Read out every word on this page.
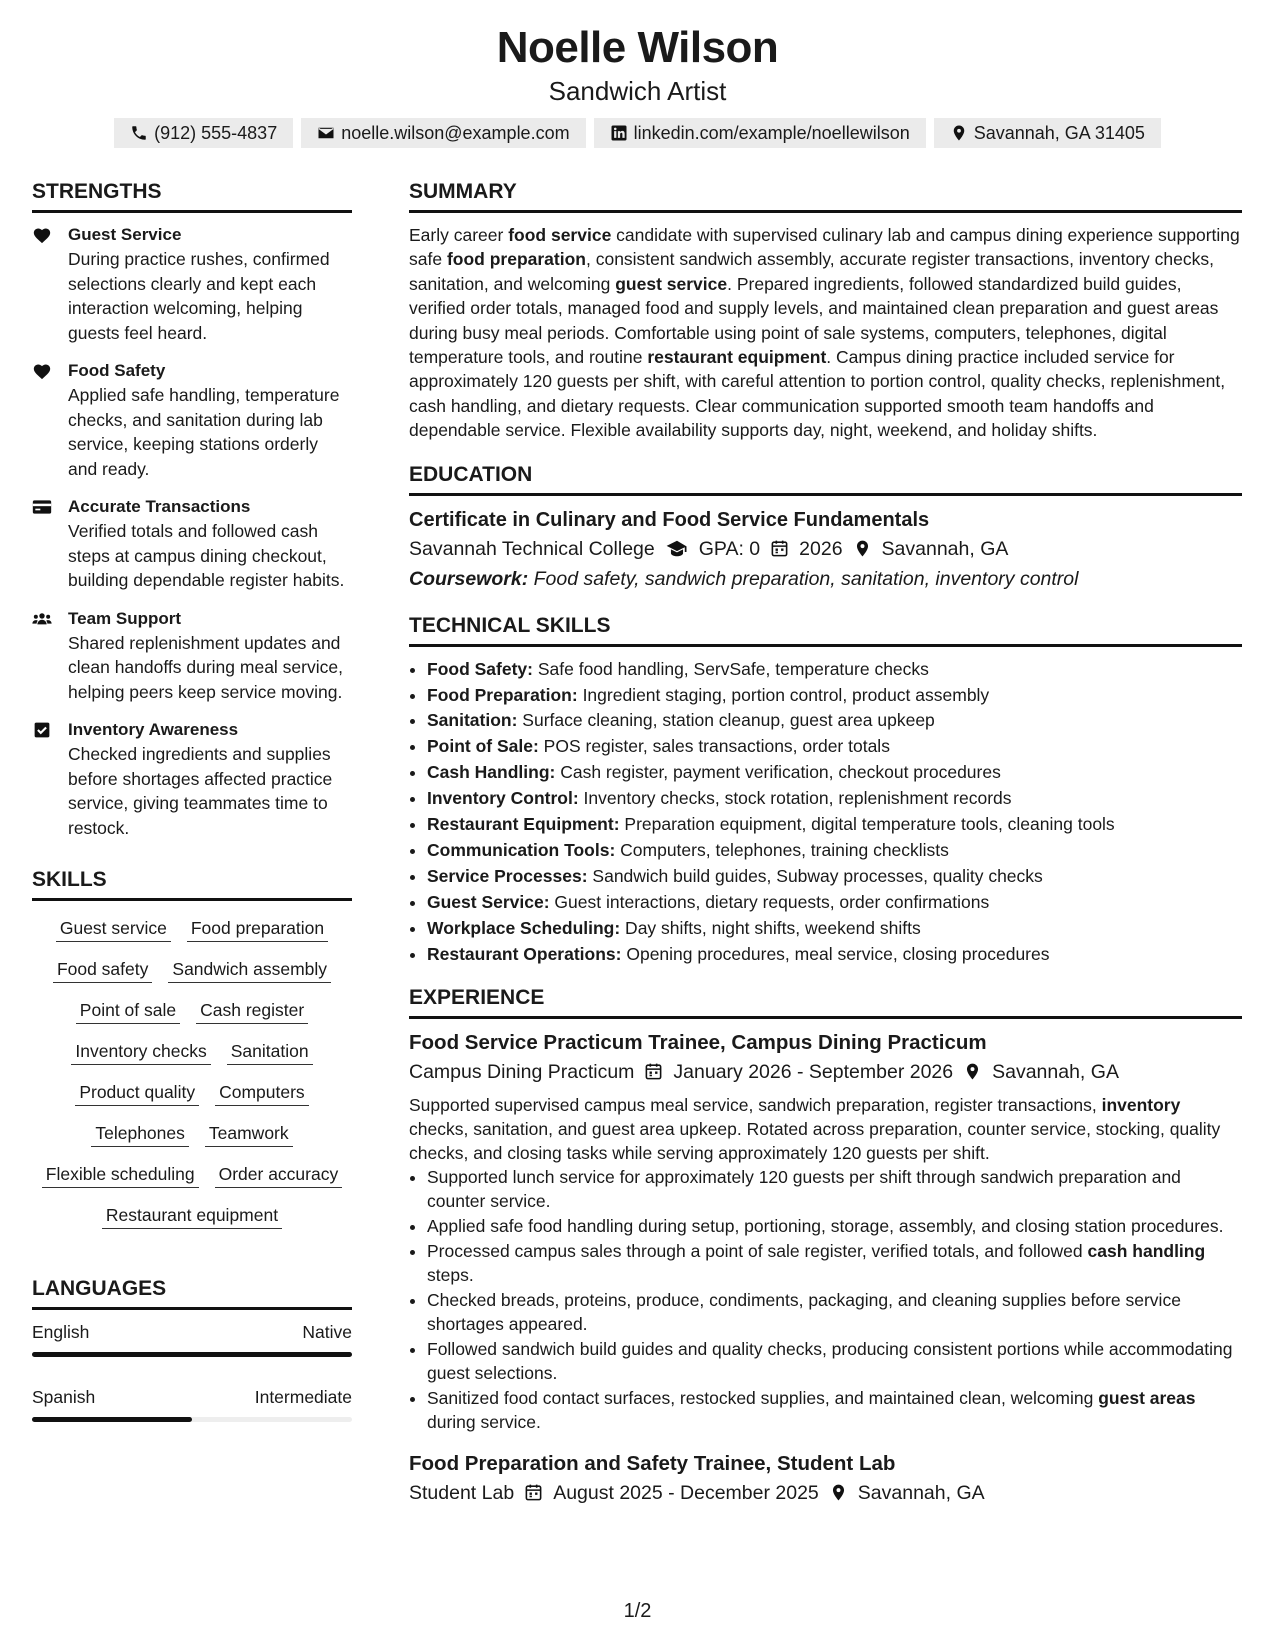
Noelle Wilson
Sandwich Artist
(912) 555-4837	noelle.wilson@example.com	linkedin.com/example/noellewilson	Savannah, GA 31405
STRENGTHS
Guest Service
During practice rushes, confirmed selections clearly and kept each interaction welcoming, helping guests feel heard.
Food Safety
Applied safe handling, temperature checks, and sanitation during lab service, keeping stations orderly and ready.
Accurate Transactions
Verified totals and followed cash steps at campus dining checkout, building dependable register habits.
Team Support
Shared replenishment updates and clean handoffs during meal service, helping peers keep service moving.
Inventory Awareness
Checked ingredients and supplies before shortages affected practice service, giving teammates time to restock.
SKILLS
Guest service Food preparation
Food safety Sandwich assembly
Point of sale Cash register
Inventory checks Sanitation
Product quality Computers
Telephones Teamwork
Flexible scheduling Order accuracy
Restaurant equipment
LANGUAGES
English	Native
Spanish	Intermediate
SUMMARY
Early career food service candidate with supervised culinary lab and campus dining experience supporting safe food preparation, consistent sandwich assembly, accurate register transactions, inventory checks, sanitation, and welcoming guest service. Prepared ingredients, followed standardized build guides, verified order totals, managed food and supply levels, and maintained clean preparation and guest areas during busy meal periods. Comfortable using point of sale systems, computers, telephones, digital temperature tools, and routine restaurant equipment. Campus dining practice included service for approximately 120 guests per shift, with careful attention to portion control, quality checks, replenishment, cash handling, and dietary requests. Clear communication supported smooth team handoffs and dependable service. Flexible availability supports day, night, weekend, and holiday shifts.
EDUCATION
Certificate in Culinary and Food Service Fundamentals
Savannah Technical College GPA: 0 2026 Savannah, GA
Coursework: Food safety, sandwich preparation, sanitation, inventory control
TECHNICAL SKILLS
• Food Safety: Safe food handling, ServSafe, temperature checks
• Food Preparation: Ingredient staging, portion control, product assembly
• Sanitation: Surface cleaning, station cleanup, guest area upkeep
• Point of Sale: POS register, sales transactions, order totals
• Cash Handling: Cash register, payment verification, checkout procedures
• Inventory Control: Inventory checks, stock rotation, replenishment records
• Restaurant Equipment: Preparation equipment, digital temperature tools, cleaning tools
• Communication Tools: Computers, telephones, training checklists
• Service Processes: Sandwich build guides, Subway processes, quality checks
• Guest Service: Guest interactions, dietary requests, order confirmations
• Workplace Scheduling: Day shifts, night shifts, weekend shifts
• Restaurant Operations: Opening procedures, meal service, closing procedures
EXPERIENCE
Food Service Practicum Trainee, Campus Dining Practicum
Campus Dining Practicum January 2026 - September 2026 Savannah, GA
Supported supervised campus meal service, sandwich preparation, register transactions, inventory checks, sanitation, and guest area upkeep. Rotated across preparation, counter service, stocking, quality checks, and closing tasks while serving approximately 120 guests per shift.
• Supported lunch service for approximately 120 guests per shift through sandwich preparation and counter service.
• Applied safe food handling during setup, portioning, storage, assembly, and closing station procedures.
• Processed campus sales through a point of sale register, verified totals, and followed cash handling steps.
• Checked breads, proteins, produce, condiments, packaging, and cleaning supplies before service shortages appeared.
• Followed sandwich build guides and quality checks, producing consistent portions while accommodating guest selections.
• Sanitized food contact surfaces, restocked supplies, and maintained clean, welcoming guest areas during service.
Food Preparation and Safety Trainee, Student Lab
Student Lab August 2025 - December 2025 Savannah, GA
1/2
